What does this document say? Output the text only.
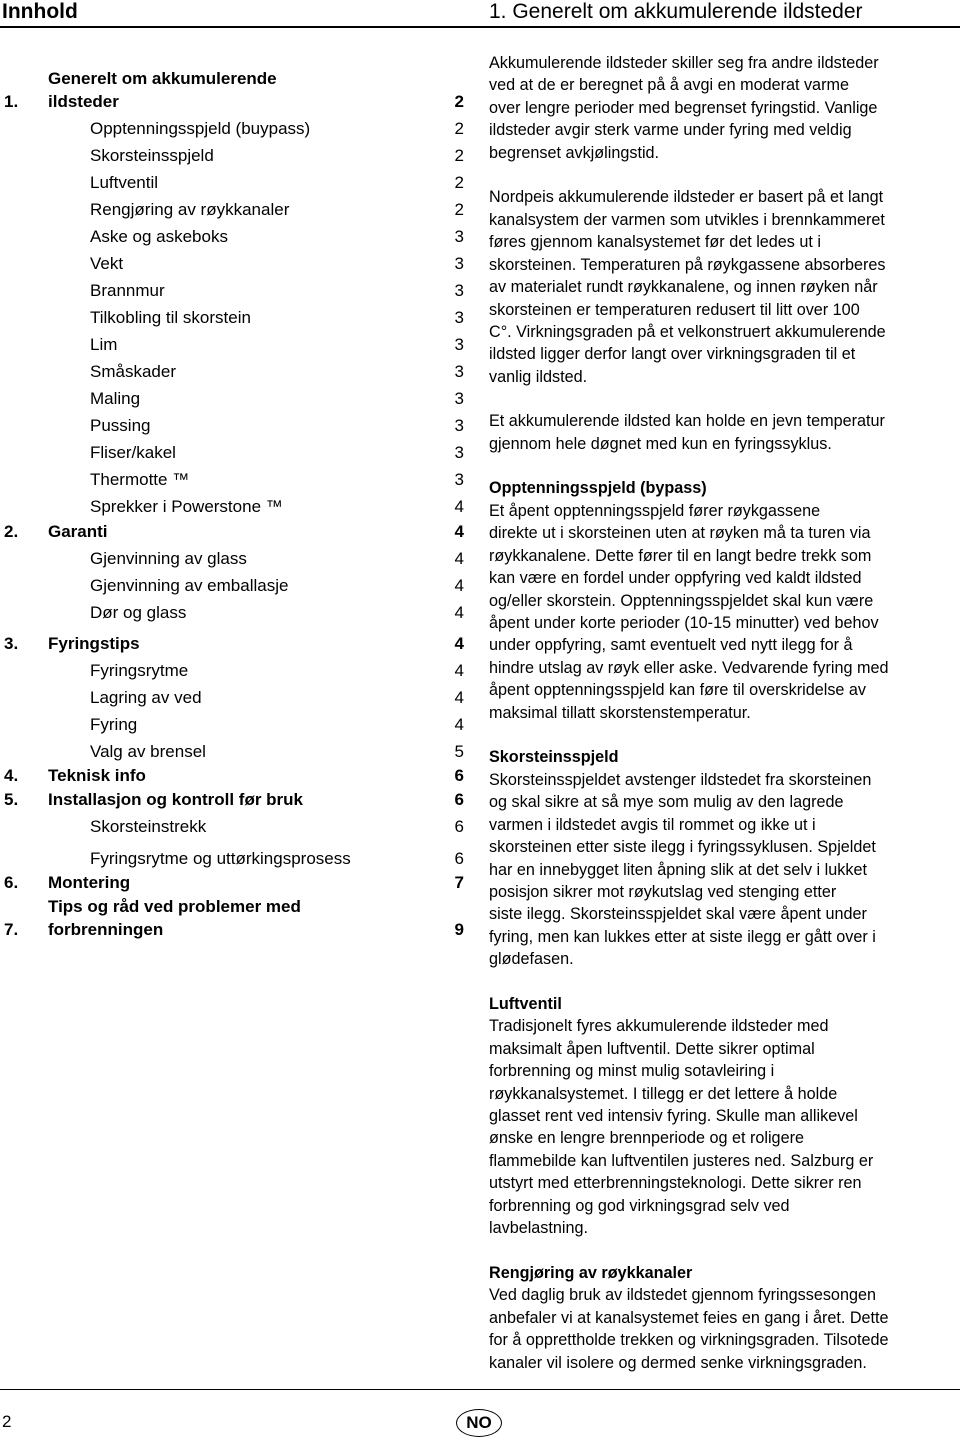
Innhold	1. Generelt om akkumulerende ildsteder
Generelt om akkumulerende
1. ildsteder	2
Opptenningsspjeld (buypass)	2
Skorsteinsspjeld	2
Luftventil	2
Rengjøring av røykkanaler	2
Aske og askeboks	3
Vekt	3
Brannmur	3
Tilkobling til skorstein	3
Lim	3
Småskader	3
Maling	3
Pussing	3
Fliser/kakel	3
Thermotte ™	3
Sprekker i Powerstone ™	4
2. Garanti	4
Gjenvinning av glass	4
Gjenvinning av emballasje	4
Dør og glass	4
3. Fyringstips	4
Fyringsrytme	4
Lagring av ved	4
Fyring	4
Valg av brensel	5
4. Teknisk info	6
5. Installasjon og kontroll før bruk	6
Skorsteinstrekk	6
Fyringsrytme og uttørkingsprosess	6
6. Montering	7
Tips og råd ved problemer med
7. forbrenningen	9

Akkumulerende ildsteder skiller seg fra andre ildsteder
ved at de er beregnet på å avgi en moderat varme
over lengre perioder med begrenset fyringstid. Vanlige
ildsteder avgir sterk varme under fyring med veldig
begrenset avkjølingstid.

Nordpeis akkumulerende ildsteder er basert på et langt
kanalsystem der varmen som utvikles i brennkammeret
føres gjennom kanalsystemet før det ledes ut i
skorsteinen. Temperaturen på røykgassene absorberes
av materialet rundt røykkanalene, og innen røyken når
skorsteinen er temperaturen redusert til litt over 100
C°. Virkningsgraden på et velkonstruert akkumulerende
ildsted ligger derfor langt over virkningsgraden til et
vanlig ildsted.

Et akkumulerende ildsted kan holde en jevn temperatur
gjennom hele døgnet med kun en fyringssyklus.

Opptenningsspjeld (bypass)

Et åpent opptenningsspjeld fører røykgassene
direkte ut i skorsteinen uten at røyken må ta turen via
røykkanalene. Dette fører til en langt bedre trekk som
kan være en fordel under oppfyring ved kaldt ildsted
og/eller skorstein. Opptenningsspjeldet skal kun være
åpent under korte perioder (10-15 minutter) ved behov
under oppfyring, samt eventuelt ved nytt ilegg for å
hindre utslag av røyk eller aske. Vedvarende fyring med
åpent opptenningsspjeld kan føre til overskridelse av
maksimal tillatt skorstenstemperatur.

Skorsteinsspjeld

Skorsteinsspjeldet avstenger ildstedet fra skorsteinen
og skal sikre at så mye som mulig av den lagrede
varmen i ildstedet avgis til rommet og ikke ut i
skorsteinen etter siste ilegg i fyringssyklusen. Spjeldet
har en innebygget liten åpning slik at det selv i lukket
posisjon sikrer mot røykutslag ved stenging etter
siste ilegg. Skorsteinsspjeldet skal være åpent under
fyring, men kan lukkes etter at siste ilegg er gått over i
glødefasen.

Luftventil

Tradisjonelt fyres akkumulerende ildsteder med
maksimalt åpen luftventil. Dette sikrer optimal
forbrenning og minst mulig sotavleiring i
røykkanalsystemet. I tillegg er det lettere å holde
glasset rent ved intensiv fyring. Skulle man allikevel
ønske en lengre brennperiode og et roligere
flammebilde kan luftventilen justeres ned. Salzburg er
utstyrt med etterbrenningsteknologi. Dette sikrer ren
forbrenning og god virkningsgrad selv ved
lavbelastning.

Rengjøring av røykkanaler

Ved daglig bruk av ildstedet gjennom fyringssesongen
anbefaler vi at kanalsystemet feies en gang i året. Dette
for å opprettholde trekken og virkningsgraden. Tilsotede
kanaler vil isolere og dermed senke virkningsgraden.

2	NO
